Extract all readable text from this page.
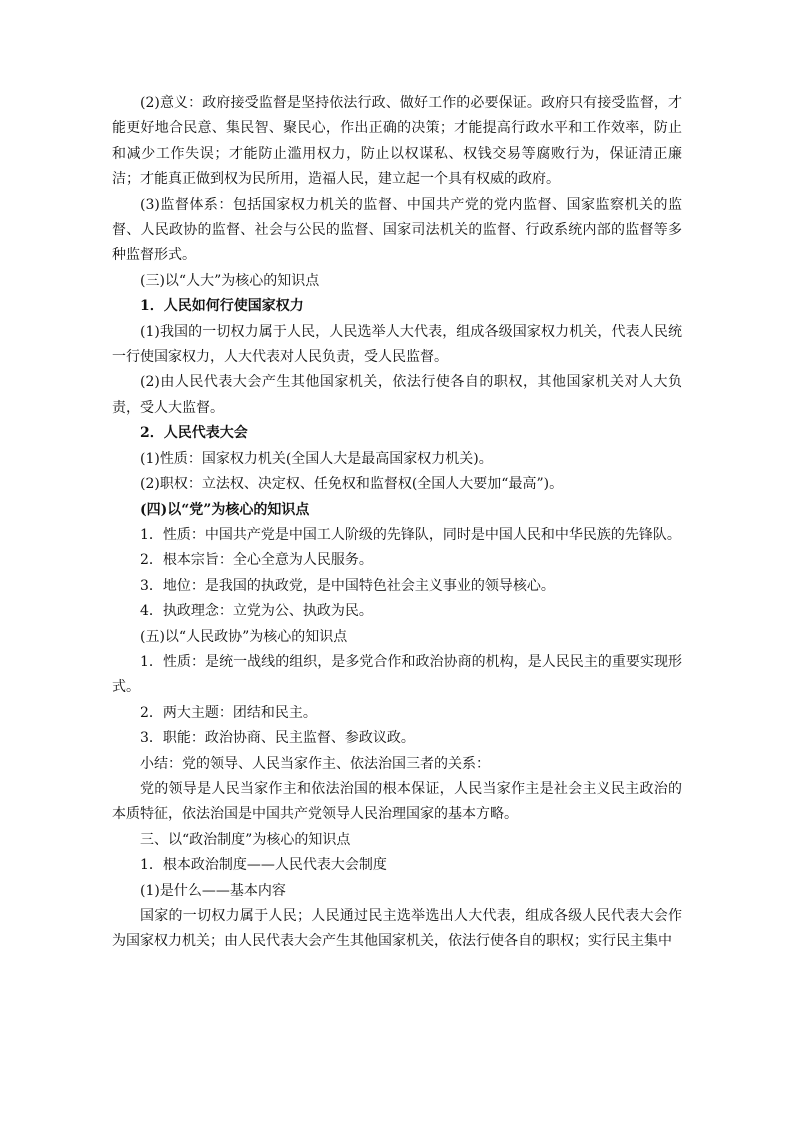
(2)意义：政府接受监督是坚持依法行政、做好工作的必要保证。政府只有接受监督，才能更好地合民意、集民智、聚民心，作出正确的决策；才能提高行政水平和工作效率，防止和减少工作失误；才能防止滥用权力，防止以权谋私、权钱交易等腐败行为，保证清正廉洁；才能真正做到权为民所用，造福人民，建立起一个具有权威的政府。

(3)监督体系：包括国家权力机关的监督、中国共产党的党内监督、国家监察机关的监督、人民政协的监督、社会与公民的监督、国家司法机关的监督、行政系统内部的监督等多种监督形式。

(三)以“人大”为核心的知识点

1．人民如何行使国家权力

(1)我国的一切权力属于人民，人民选举人大代表，组成各级国家权力机关，代表人民统一行使国家权力，人大代表对人民负责，受人民监督。

(2)由人民代表大会产生其他国家机关，依法行使各自的职权，其他国家机关对人大负责，受人大监督。

2．人民代表大会

(1)性质：国家权力机关(全国人大是最高国家权力机关)。

(2)职权：立法权、决定权、任免权和监督权(全国人大要加“最高”)。

(四)以“党”为核心的知识点

1．性质：中国共产党是中国工人阶级的先锋队，同时是中国人民和中华民族的先锋队。

2．根本宗旨：全心全意为人民服务。

3．地位：是我国的执政党，是中国特色社会主义事业的领导核心。

4．执政理念：立党为公、执政为民。

(五)以“人民政协”为核心的知识点

1．性质：是统一战线的组织，是多党合作和政治协商的机构，是人民民主的重要实现形式。

2．两大主题：团结和民主。

3．职能：政治协商、民主监督、参政议政。

小结：党的领导、人民当家作主、依法治国三者的关系：

党的领导是人民当家作主和依法治国的根本保证，人民当家作主是社会主义民主政治的本质特征，依法治国是中国共产党领导人民治理国家的基本方略。

三、以“政治制度”为核心的知识点

1．根本政治制度——人民代表大会制度

(1)是什么——基本内容

国家的一切权力属于人民；人民通过民主选举选出人大代表，组成各级人民代表大会作为国家权力机关；由人民代表大会产生其他国家机关，依法行使各自的职权；实行民主集中
